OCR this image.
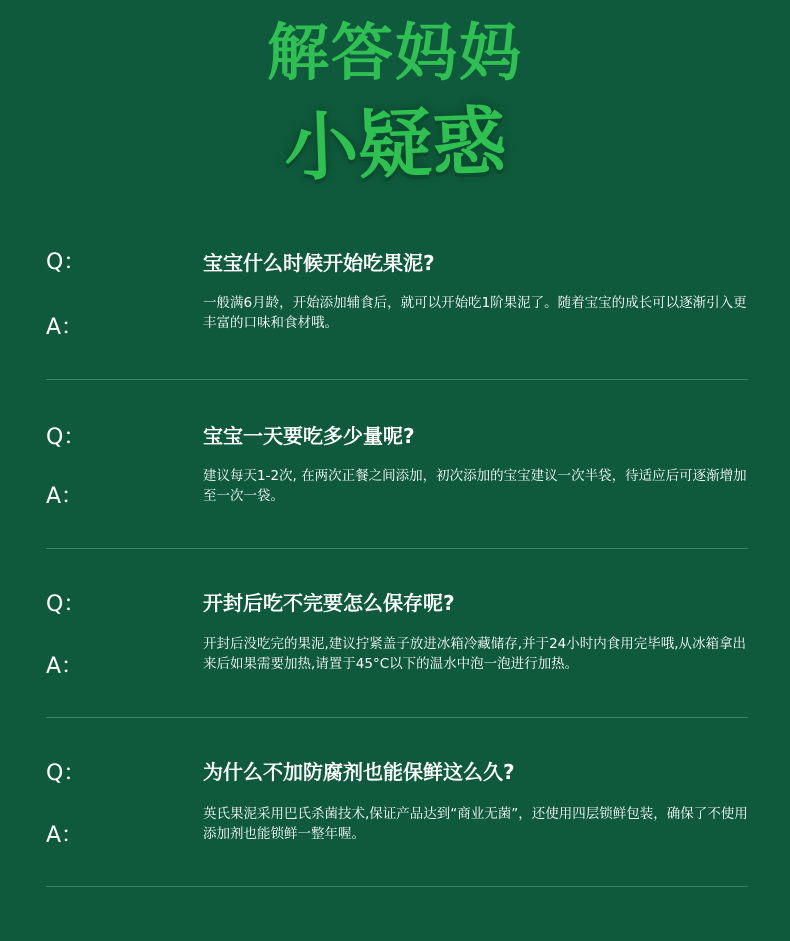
解答妈妈
小疑惑
Q：	宝宝什么时候开始吃果泥?
A：
一般满6月龄，开始添加辅食后，就可以开始吃1阶果泥了。随着宝宝的成长可以逐渐引入更丰富的口味和食材哦。
Q：	宝宝一天要吃多少量呢?
A：
建议每天1-2次, 在两次正餐之间添加，初次添加的宝宝建议一次半袋，待适应后可逐渐增加至一次一袋。
Q：	开封后吃不完要怎么保存呢?
A：
开封后没吃完的果泥,建议拧紧盖子放进冰箱冷藏储存,并于24小时内食用完毕哦,从冰箱拿出来后如果需要加热,请置于45°C以下的温水中泡一泡进行加热。
Q：	为什么不加防腐剂也能保鲜这么久?
A：
英氏果泥采用巴氏杀菌技术,保证产品达到“商业无菌”，还使用四层锁鲜包装，确保了不使用添加剂也能锁鲜一整年喔。
